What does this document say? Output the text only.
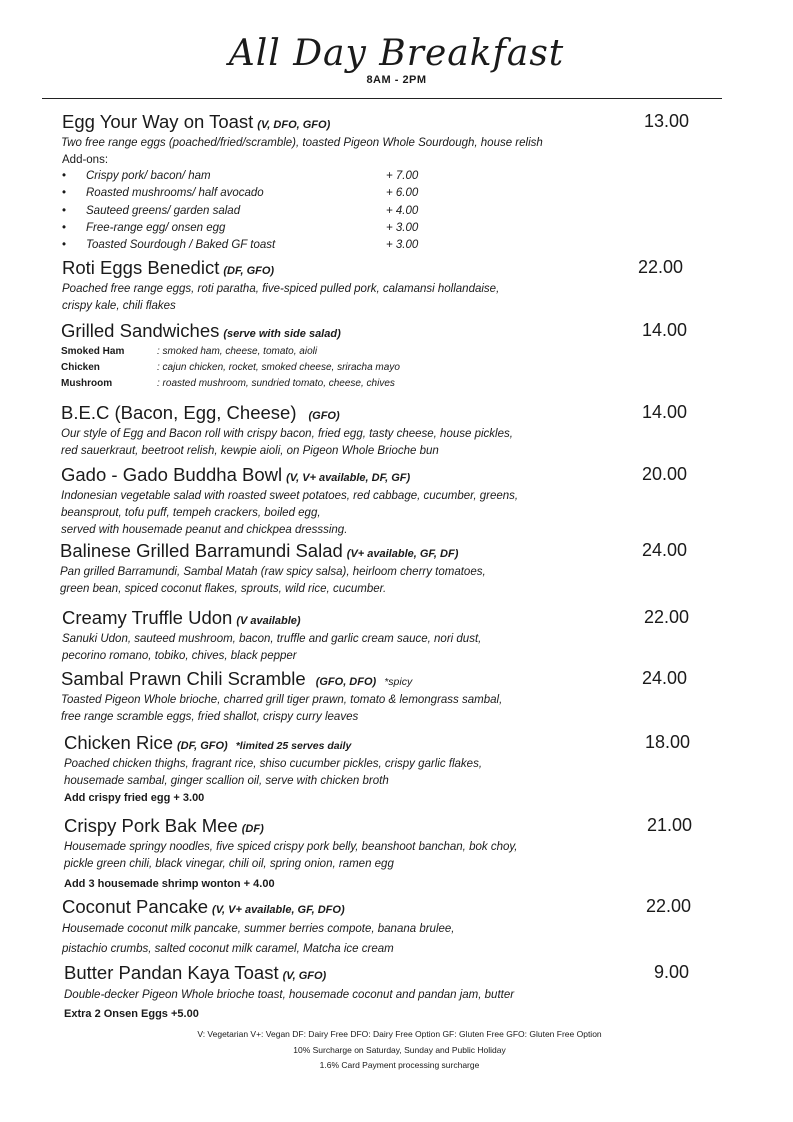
All Day Breakfast
8AM - 2PM
Egg Your Way on Toast (V, DFO, GFO)	13.00
Two free range eggs (poached/fried/scramble), toasted Pigeon Whole Sourdough, house relish
Add-ons:
• Crispy pork/ bacon/ ham	+ 7.00
• Roasted mushrooms/ half avocado	+ 6.00
• Sauteed greens/ garden salad	+ 4.00
• Free-range egg/ onsen egg	+ 3.00
• Toasted Sourdough / Baked GF toast	+ 3.00
Roti Eggs Benedict (DF, GFO)	22.00
Poached free range eggs, roti paratha, five-spiced pulled pork, calamansi hollandaise,
crispy kale, chili flakes
Grilled Sandwiches (serve with side salad)	14.00
Smoked Ham	: smoked ham, cheese, tomato, aioli
Chicken	: cajun chicken, rocket, smoked cheese, sriracha mayo
Mushroom	: roasted mushroom, sundried tomato, cheese, chives
B.E.C (Bacon, Egg, Cheese) (GFO)	14.00
Our style of Egg and Bacon roll with crispy bacon, fried egg, tasty cheese, house pickles,
red sauerkraut, beetroot relish, kewpie aioli, on Pigeon Whole Brioche bun
Gado - Gado Buddha Bowl (V, V+ available, DF, GF)	20.00
Indonesian vegetable salad with roasted sweet potatoes, red cabbage, cucumber, greens,
beansprout, tofu puff, tempeh crackers, boiled egg,
served with housemade peanut and chickpea dresssing.
Balinese Grilled Barramundi Salad (V+ available, GF, DF)	24.00
Pan grilled Barramundi, Sambal Matah (raw spicy salsa), heirloom cherry tomatoes,
green bean, spiced coconut flakes, sprouts, wild rice, cucumber.
Creamy Truffle Udon (V available)	22.00
Sanuki Udon, sauteed mushroom, bacon, truffle and garlic cream sauce, nori dust,
pecorino romano, tobiko, chives, black pepper
Sambal Prawn Chili Scramble (GFO, DFO) *spicy	24.00
Toasted Pigeon Whole brioche, charred grill tiger prawn, tomato & lemongrass sambal,
free range scramble eggs, fried shallot, crispy curry leaves
Chicken Rice (DF, GFO) *limited 25 serves daily	18.00
Poached chicken thighs, fragrant rice, shiso cucumber pickles, crispy garlic flakes,
housemade sambal, ginger scallion oil, serve with chicken broth
Add crispy fried egg + 3.00
Crispy Pork Bak Mee (DF)	21.00
Housemade springy noodles, five spiced crispy pork belly, beanshoot banchan, bok choy,
pickle green chili, black vinegar, chili oil, spring onion, ramen egg
Add 3 housemade shrimp wonton + 4.00
Coconut Pancake (V, V+ available, GF, DFO)	22.00
Housemade coconut milk pancake, summer berries compote, banana brulee,
pistachio crumbs, salted coconut milk caramel, Matcha ice cream
Butter Pandan Kaya Toast (V, GFO)	9.00
Double-decker Pigeon Whole brioche toast, housemade coconut and pandan jam, butter
Extra 2 Onsen Eggs +5.00
V: Vegetarian V+: Vegan DF: Dairy Free DFO: Dairy Free Option GF: Gluten Free GFO: Gluten Free Option
10% Surcharge on Saturday, Sunday and Public Holiday
1.6% Card Payment processing surcharge
